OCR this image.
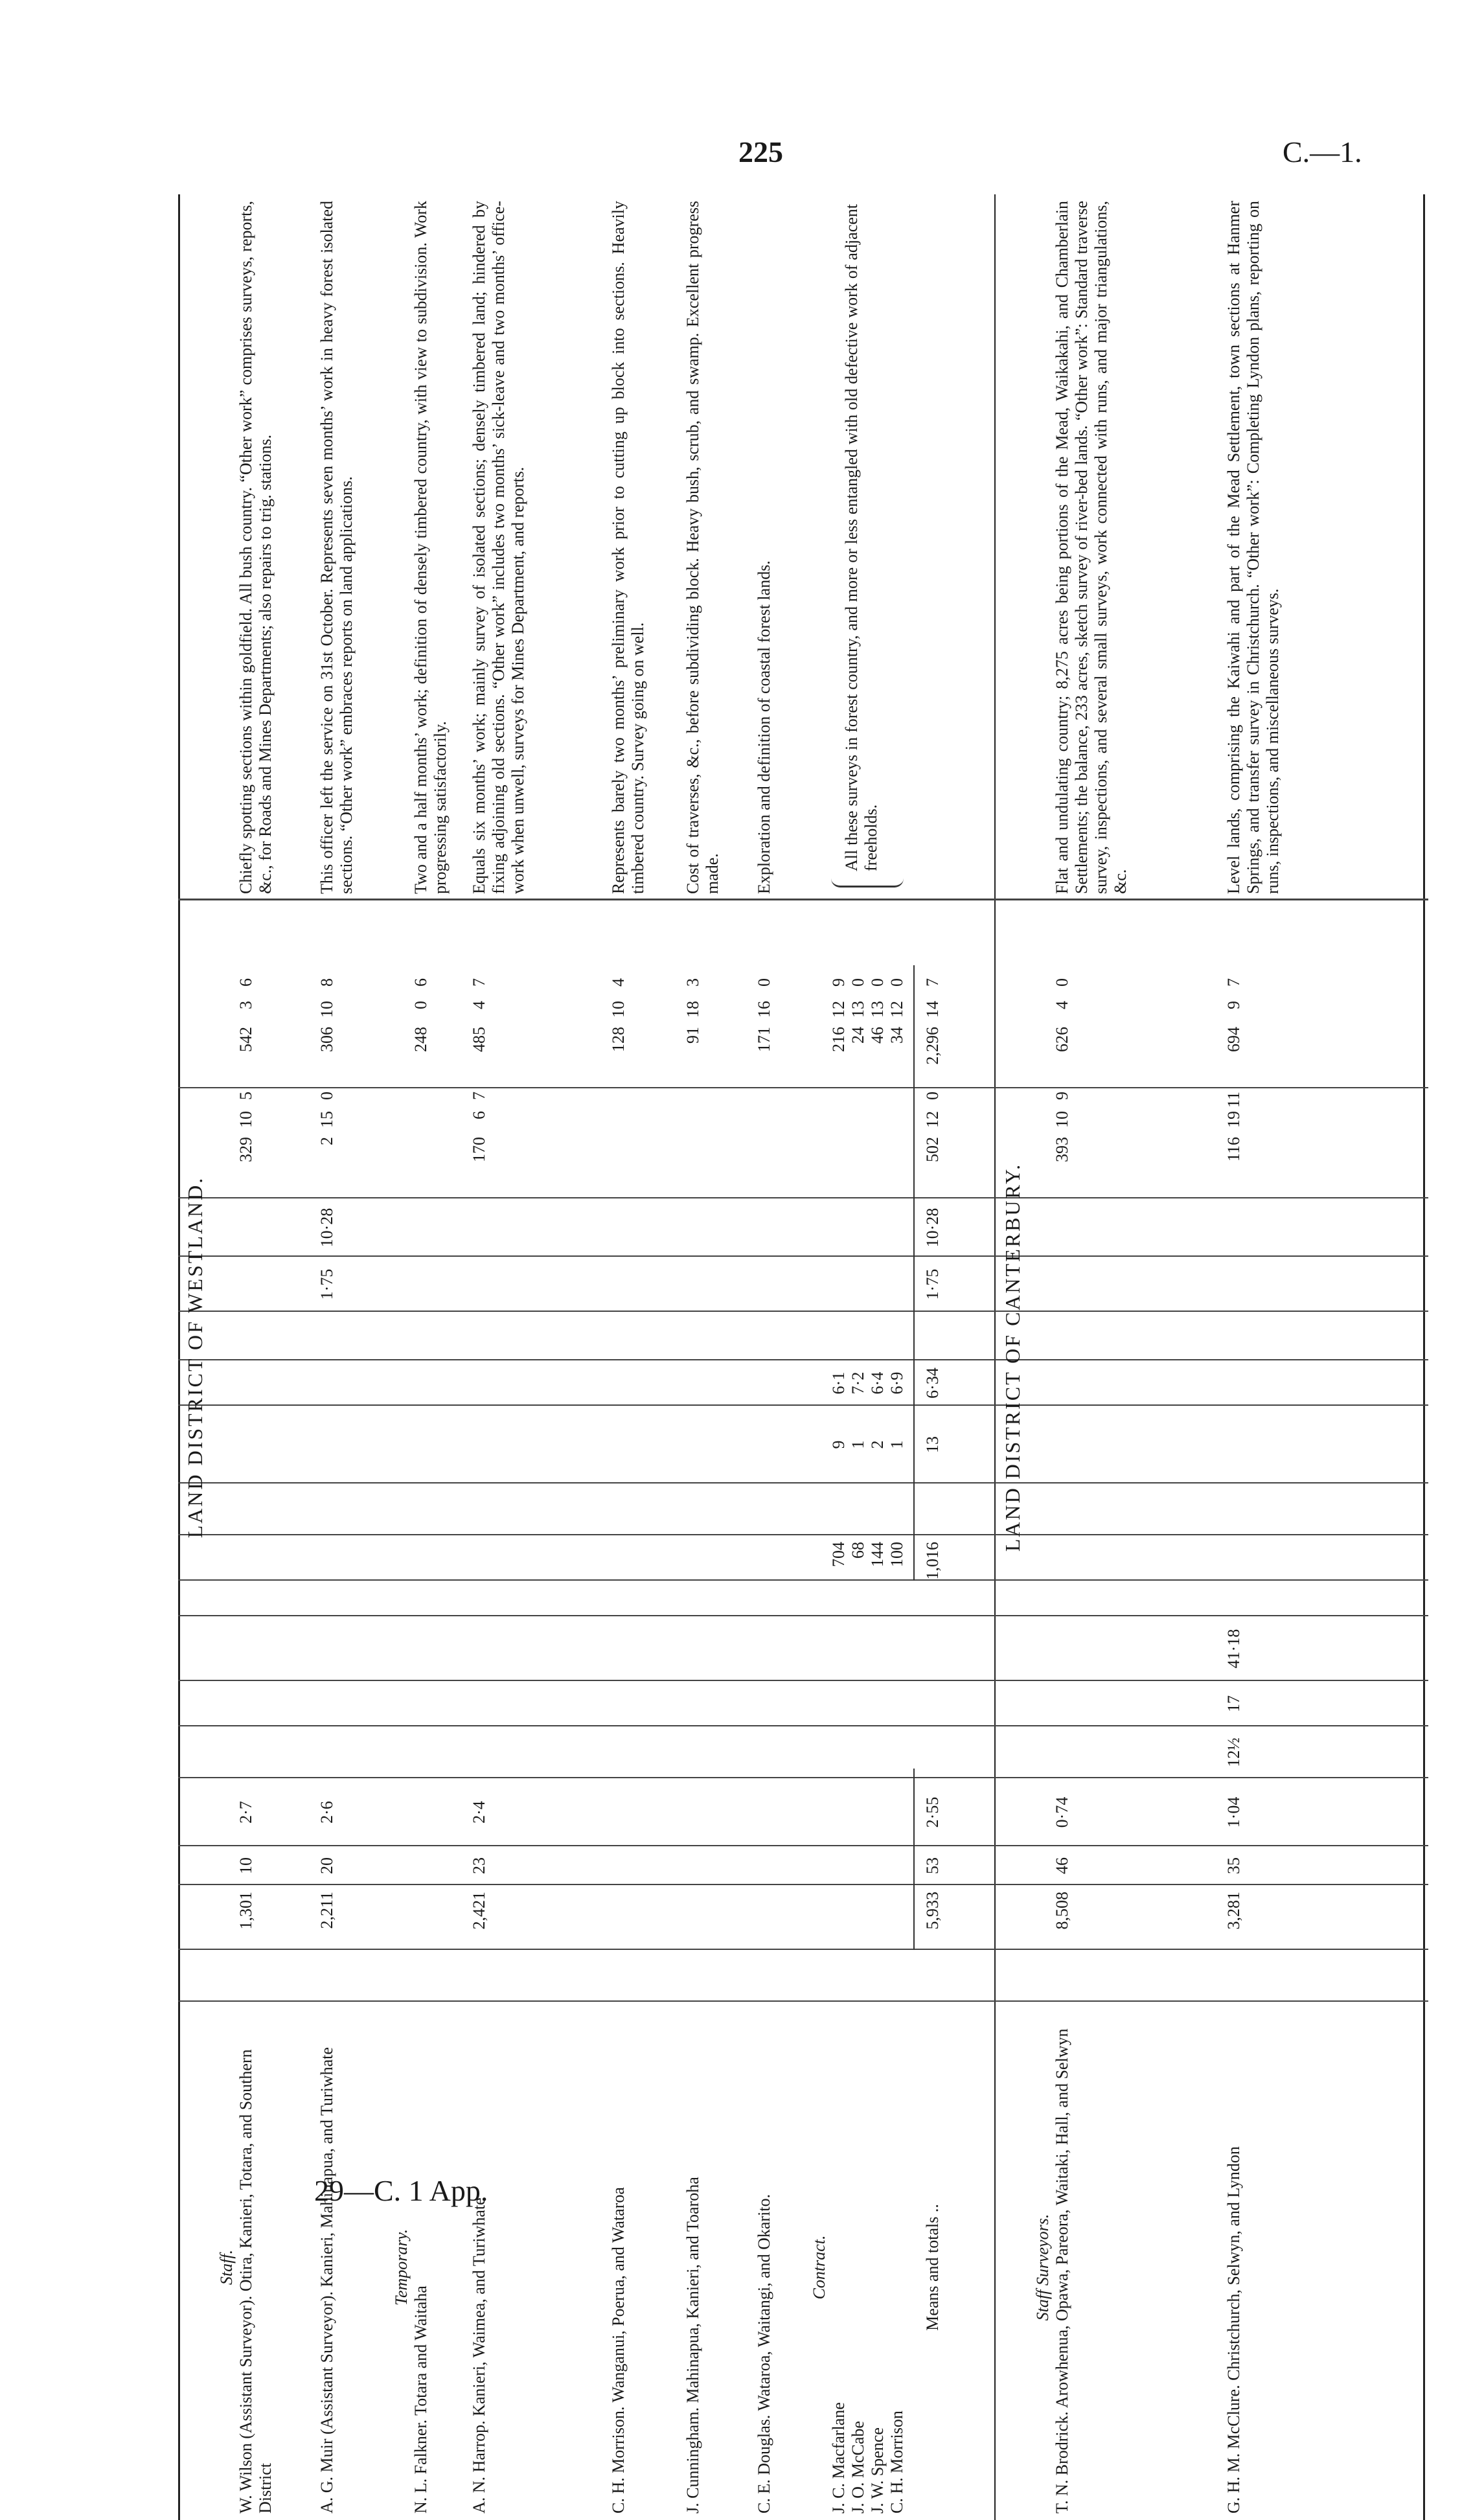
225	C.—1.
29—C. 1 App.
LAND DISTRICT OF WESTLAND.
Staff. W. Wilson (Assistant Surveyor). Otira, Kanieri, Totara, and Southern District
1,301
10
2·7
329
10
5
542
3
6
Chiefly spotting sections within goldfield. All bush country. “Other work” comprises surveys, reports, &c., for Roads and Mines Departments; also repairs to trig. stations.
A. G. Muir (Assistant Surveyor). Kanieri, Mahinapua, and Turiwhate
2,211
20
2·6
1·75
10·28
2
15
0
306
10
8
This officer left the service on 31st October. Represents seven months’ work in heavy forest isolated sections. “Other work” embraces reports on land applications.
Temporary.
N. L. Falkner. Totara and Waitaha
248
0
6
Two and a half months’ work; definition of densely timbered country, with view to subdivision. Work progressing satisfactorily.
A. N. Harrop. Kanieri, Waimea, and Turiwhate
2,421
23
2·4
170
6
7
485
4
7
Equals six months’ work; mainly survey of isolated sections; densely timbered land; hindered by fixing adjoining old sections. “Other work” includes two months’ sick-leave and two months’ office-work when unwell, surveys for Mines Department, and reports.
C. H. Morrison. Wanganui, Poerua, and Wataroa
128
10
4
Represents barely two months’ preliminary work prior to cutting up block into sections. Heavily timbered country. Survey going on well.
J. Cunningham. Mahinapua, Kanieri, and Toaroha
91
18
3
Cost of traverses, &c., before subdividing block. Heavy bush, scrub, and swamp. Excellent progress made.
C. E. Douglas. Wataroa, Waitangi, and Okarito.
171
16
0
Exploration and definition of coastal forest lands.
Contract.
J. C. Macfarlane
704
9
6·1
216
12
9
J. O. McCabe
68
1
7·2
24
13
0
J. W. Spence
144
2
6·4
46
13
0
C. H. Morrison
100
1
6·9
34
12
0
All these surveys in forest country, and more or less entangled with old defective work of adjacent freeholds.
Means and totals ..
5,933
53
2·55
1,016
13
6·34
1·75
10·28
502
12
0
2,296
14
7
LAND DISTRICT OF CANTERBURY.
Staff Surveyors. T. N. Brodrick. Arowhenua, Opawa, Pareora, Waitaki, Hall, and Selwyn
8,508
46
0·74
393
10
9
626
4
0
Flat and undulating country; 8,275 acres being portions of the Mead, Waikakahi, and Chamberlain Settlements; the balance, 233 acres, sketch survey of river-bed lands. “Other work”: Standard traverse survey, inspections, and several small surveys, work connected with runs, and major triangulations, &c.
G. H. M. McClure. Christchurch, Selwyn, and Lyndon
3,281
35
1·04
12½
17
41·18
116
19
11
694
9
7
Level lands, comprising the Kaiwahi and part of the Mead Settlement, town sections at Hanmer Springs, and transfer survey in Christchurch. “Other work”: Completing Lyndon plans, reporting on runs, inspections, and miscellaneous surveys.
